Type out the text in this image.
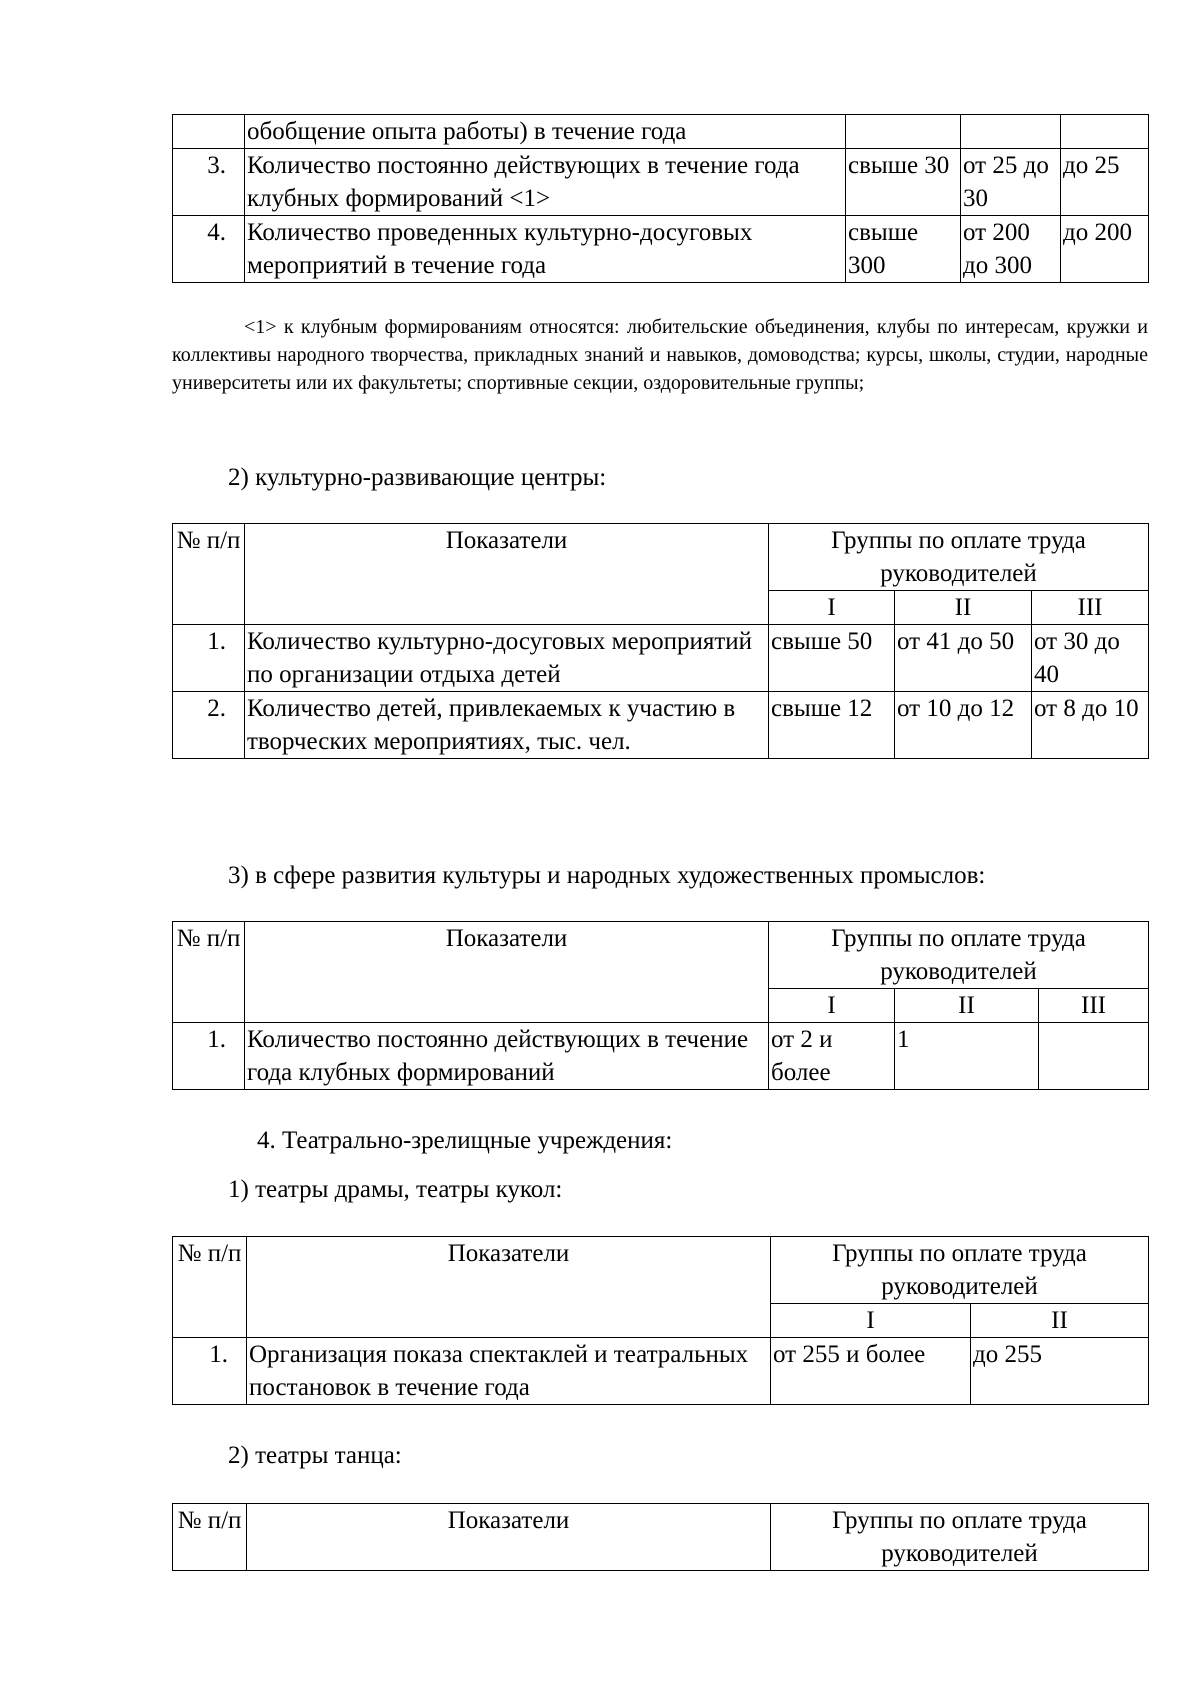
	обобщение опыта работы) в течение года			
3.	Количество постоянно действующих в течение года клубных формирований <1>	свыше 30	от 25 до 30	до 25
4.	Количество проведенных культурно-досуговых мероприятий в течение года	свыше 300	от 200 до 300	до 200
<1> к клубным формированиям относятся: любительские объединения, клубы по интересам, кружки и коллективы народного творчества, прикладных знаний и навыков, домоводства; курсы, школы, студии, народные университеты или их факультеты; спортивные секции, оздоровительные группы;
2) культурно-развивающие центры:
№ п/п	Показатели	Группы по оплате труда руководителей		
		I	II	III
1.	Количество культурно-досуговых мероприятий по организации отдыха детей	свыше 50	от 41 до 50	от 30 до 40
2.	Количество детей, привлекаемых к участию в творческих мероприятиях, тыс. чел.	свыше 12	от 10 до 12	от 8 до 10
3) в сфере развития культуры и народных художественных промыслов:
№ п/п	Показатели	Группы по оплате труда руководителей		
		I	II	III
1.	Количество постоянно действующих в течение года клубных формирований	от 2 и более	1	
4. Театрально-зрелищные учреждения:
1) театры драмы, театры кукол:
№ п/п	Показатели	Группы по оплате труда руководителей	
		I	II
1.	Организация показа спектаклей и театральных постановок в течение года	от 255 и более	до 255
2) театры танца:
№ п/п	Показатели	Группы по оплате труда руководителей
